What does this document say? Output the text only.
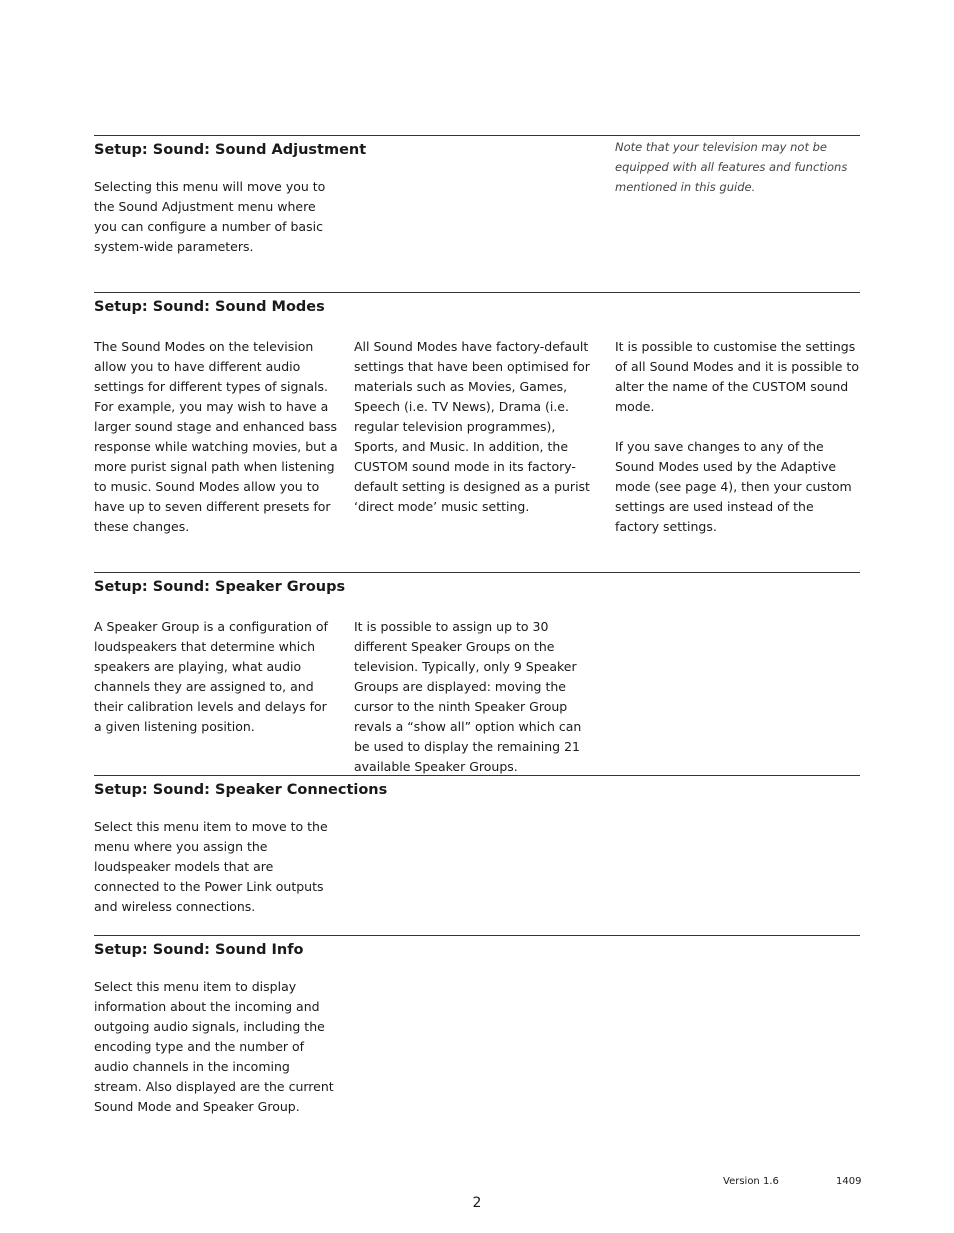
Setup: Sound: Sound Adjustment

Selecting this menu will move you to the Sound Adjustment menu where you can configure a number of basic system-wide parameters.

Note that your television may not be equipped with all features and functions mentioned in this guide.

Setup: Sound: Sound Modes

The Sound Modes on the television allow you to have different audio settings for different types of signals. For example, you may wish to have a larger sound stage and enhanced bass response while watching movies, but a more purist signal path when listening to music. Sound Modes allow you to have up to seven different presets for these changes.

All Sound Modes have factory-default settings that have been optimised for materials such as Movies, Games, Speech (i.e. TV News), Drama (i.e. regular television programmes), Sports, and Music. In addition, the CUSTOM sound mode in its factory-default setting is designed as a purist ‘direct mode’ music setting.

It is possible to customise the settings of all Sound Modes and it is possible to alter the name of the CUSTOM sound mode.

If you save changes to any of the Sound Modes used by the Adaptive mode (see page 4), then your custom settings are used instead of the factory settings.

Setup: Sound: Speaker Groups

A Speaker Group is a configuration of loudspeakers that determine which speakers are playing, what audio channels they are assigned to, and their calibration levels and delays for a given listening position.

It is possible to assign up to 30 different Speaker Groups on the television. Typically, only 9 Speaker Groups are displayed: moving the cursor to the ninth Speaker Group revals a “show all” option which can be used to display the remaining 21 available Speaker Groups.

Setup: Sound: Speaker Connections

Select this menu item to move to the menu where you assign the loudspeaker models that are connected to the Power Link outputs and wireless connections.

Setup: Sound: Sound Info

Select this menu item to display information about the incoming and outgoing audio signals, including the encoding type and the number of audio channels in the incoming stream. Also displayed are the current Sound Mode and Speaker Group.

Version 1.6	1409
2
